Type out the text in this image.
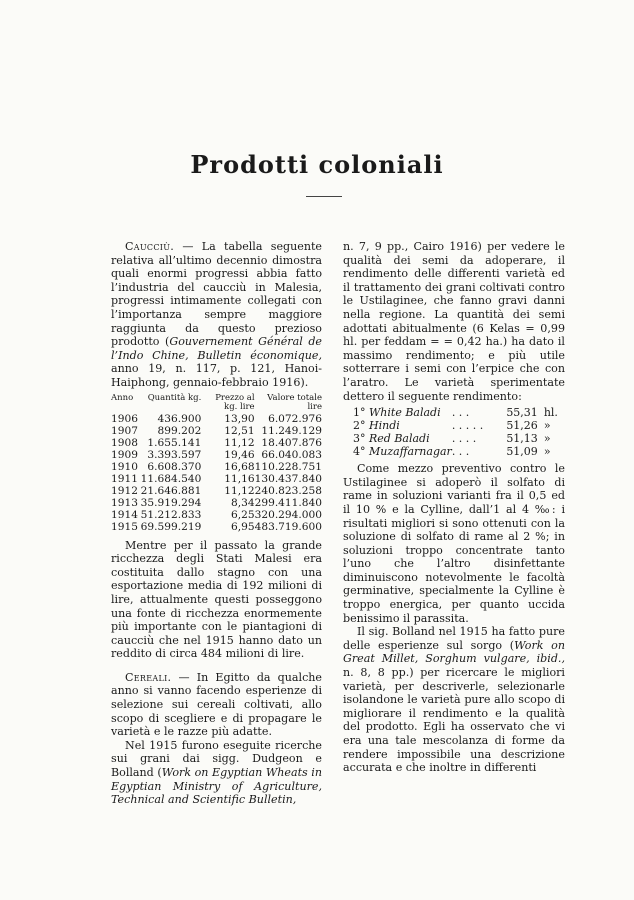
Prodotti coloniali

Caucciù. — La tabella seguente relativa all’ultimo decennio dimostra quali enormi progressi abbia fatto l’industria del caucciù in Malesia, progressi intimamente collegati con l’importanza sempre maggiore raggiunta da questo prezioso prodotto (Gouvernement Général de l’Indo Chine, Bulletin économique, anno 19, n. 117, p. 121, Hanoi-Haiphong, gennaio-febbraio 1916).

Anno	Quantità kg.	Prezzo al kg. lire	Valore totale lire
1906	436.900	13,90	6.072.976
1907	899.202	12,51	11.249.129
1908	1.655.141	11,12	18.407.876
1909	3.393.597	19,46	66.040.083
1910	6.608.370	16,68	110.228.751
1911	11.684.540	11,16	130.437.840
1912	21.646.881	11,12	240.823.258
1913	35.919.294	8,34	299.411.840
1914	51.212.833	6,25	320.294.000
1915	69.599.219	6,95	483.719.600

Mentre per il passato la grande ricchezza degli Stati Malesi era costituita dallo stagno con una esportazione media di 192 milioni di lire, attualmente questi posseggono una fonte di ricchezza enormemente più importante con le piantagioni di caucciù che nel 1915 hanno dato un reddito di circa 484 milioni di lire.

Cereali. — In Egitto da qualche anno si vanno facendo esperienze di selezione sui cereali coltivati, allo scopo di scegliere e di propagare le varietà e le razze più adatte.

Nel 1915 furono eseguite ricerche sui grani dai sigg. Dudgeon e Bolland (Work on Egyptian Wheats in Egyptian Ministry of Agriculture, Technical and Scientific Bulletin,

n. 7, 9 pp., Cairo 1916) per vedere le qualità dei semi da adoperare, il rendimento delle differenti varietà ed il trattamento dei grani coltivati contro le Ustilaginee, che fanno gravi danni nella regione. La quantità dei semi adottati abitualmente (6 Kelas = 0,99 hl. per feddam = = 0,42 ha.) ha dato il massimo rendimento; e più utile sotterrare i semi con l’erpice che con l’aratro. Le varietà sperimentate dettero il seguente rendimento:

1°	White Baladi	. . .	55,31	hl.
2°	Hindi	. . . . .	51,26	»
3°	Red Baladi	. . . .	51,13	»
4°	Muzaffarnagar	. . .	51,09	»

Come mezzo preventivo contro le Ustilaginee si adoperò il solfato di rame in soluzioni varianti fra il 0,5 ed il 10 % e la Cylline, dall’1 al 4 ‰: i risultati migliori si sono ottenuti con la soluzione di solfato di rame al 2 %; in soluzioni troppo concentrate tanto l’uno che l’altro disinfettante diminuiscono notevolmente le facoltà germinative, specialmente la Cylline è troppo energica, per quanto uccida benissimo il parassita.

Il sig. Bolland nel 1915 ha fatto pure delle esperienze sul sorgo (Work on Great Millet, Sorghum vulgare, ibid., n. 8, 8 pp.) per ricercare le migliori varietà, per descriverle, selezionarle isolandone le varietà pure allo scopo di migliorare il rendimento e la qualità del prodotto. Egli ha osservato che vi era una tale mescolanza di forme da rendere impossibile una descrizione accurata e che inoltre in differenti
